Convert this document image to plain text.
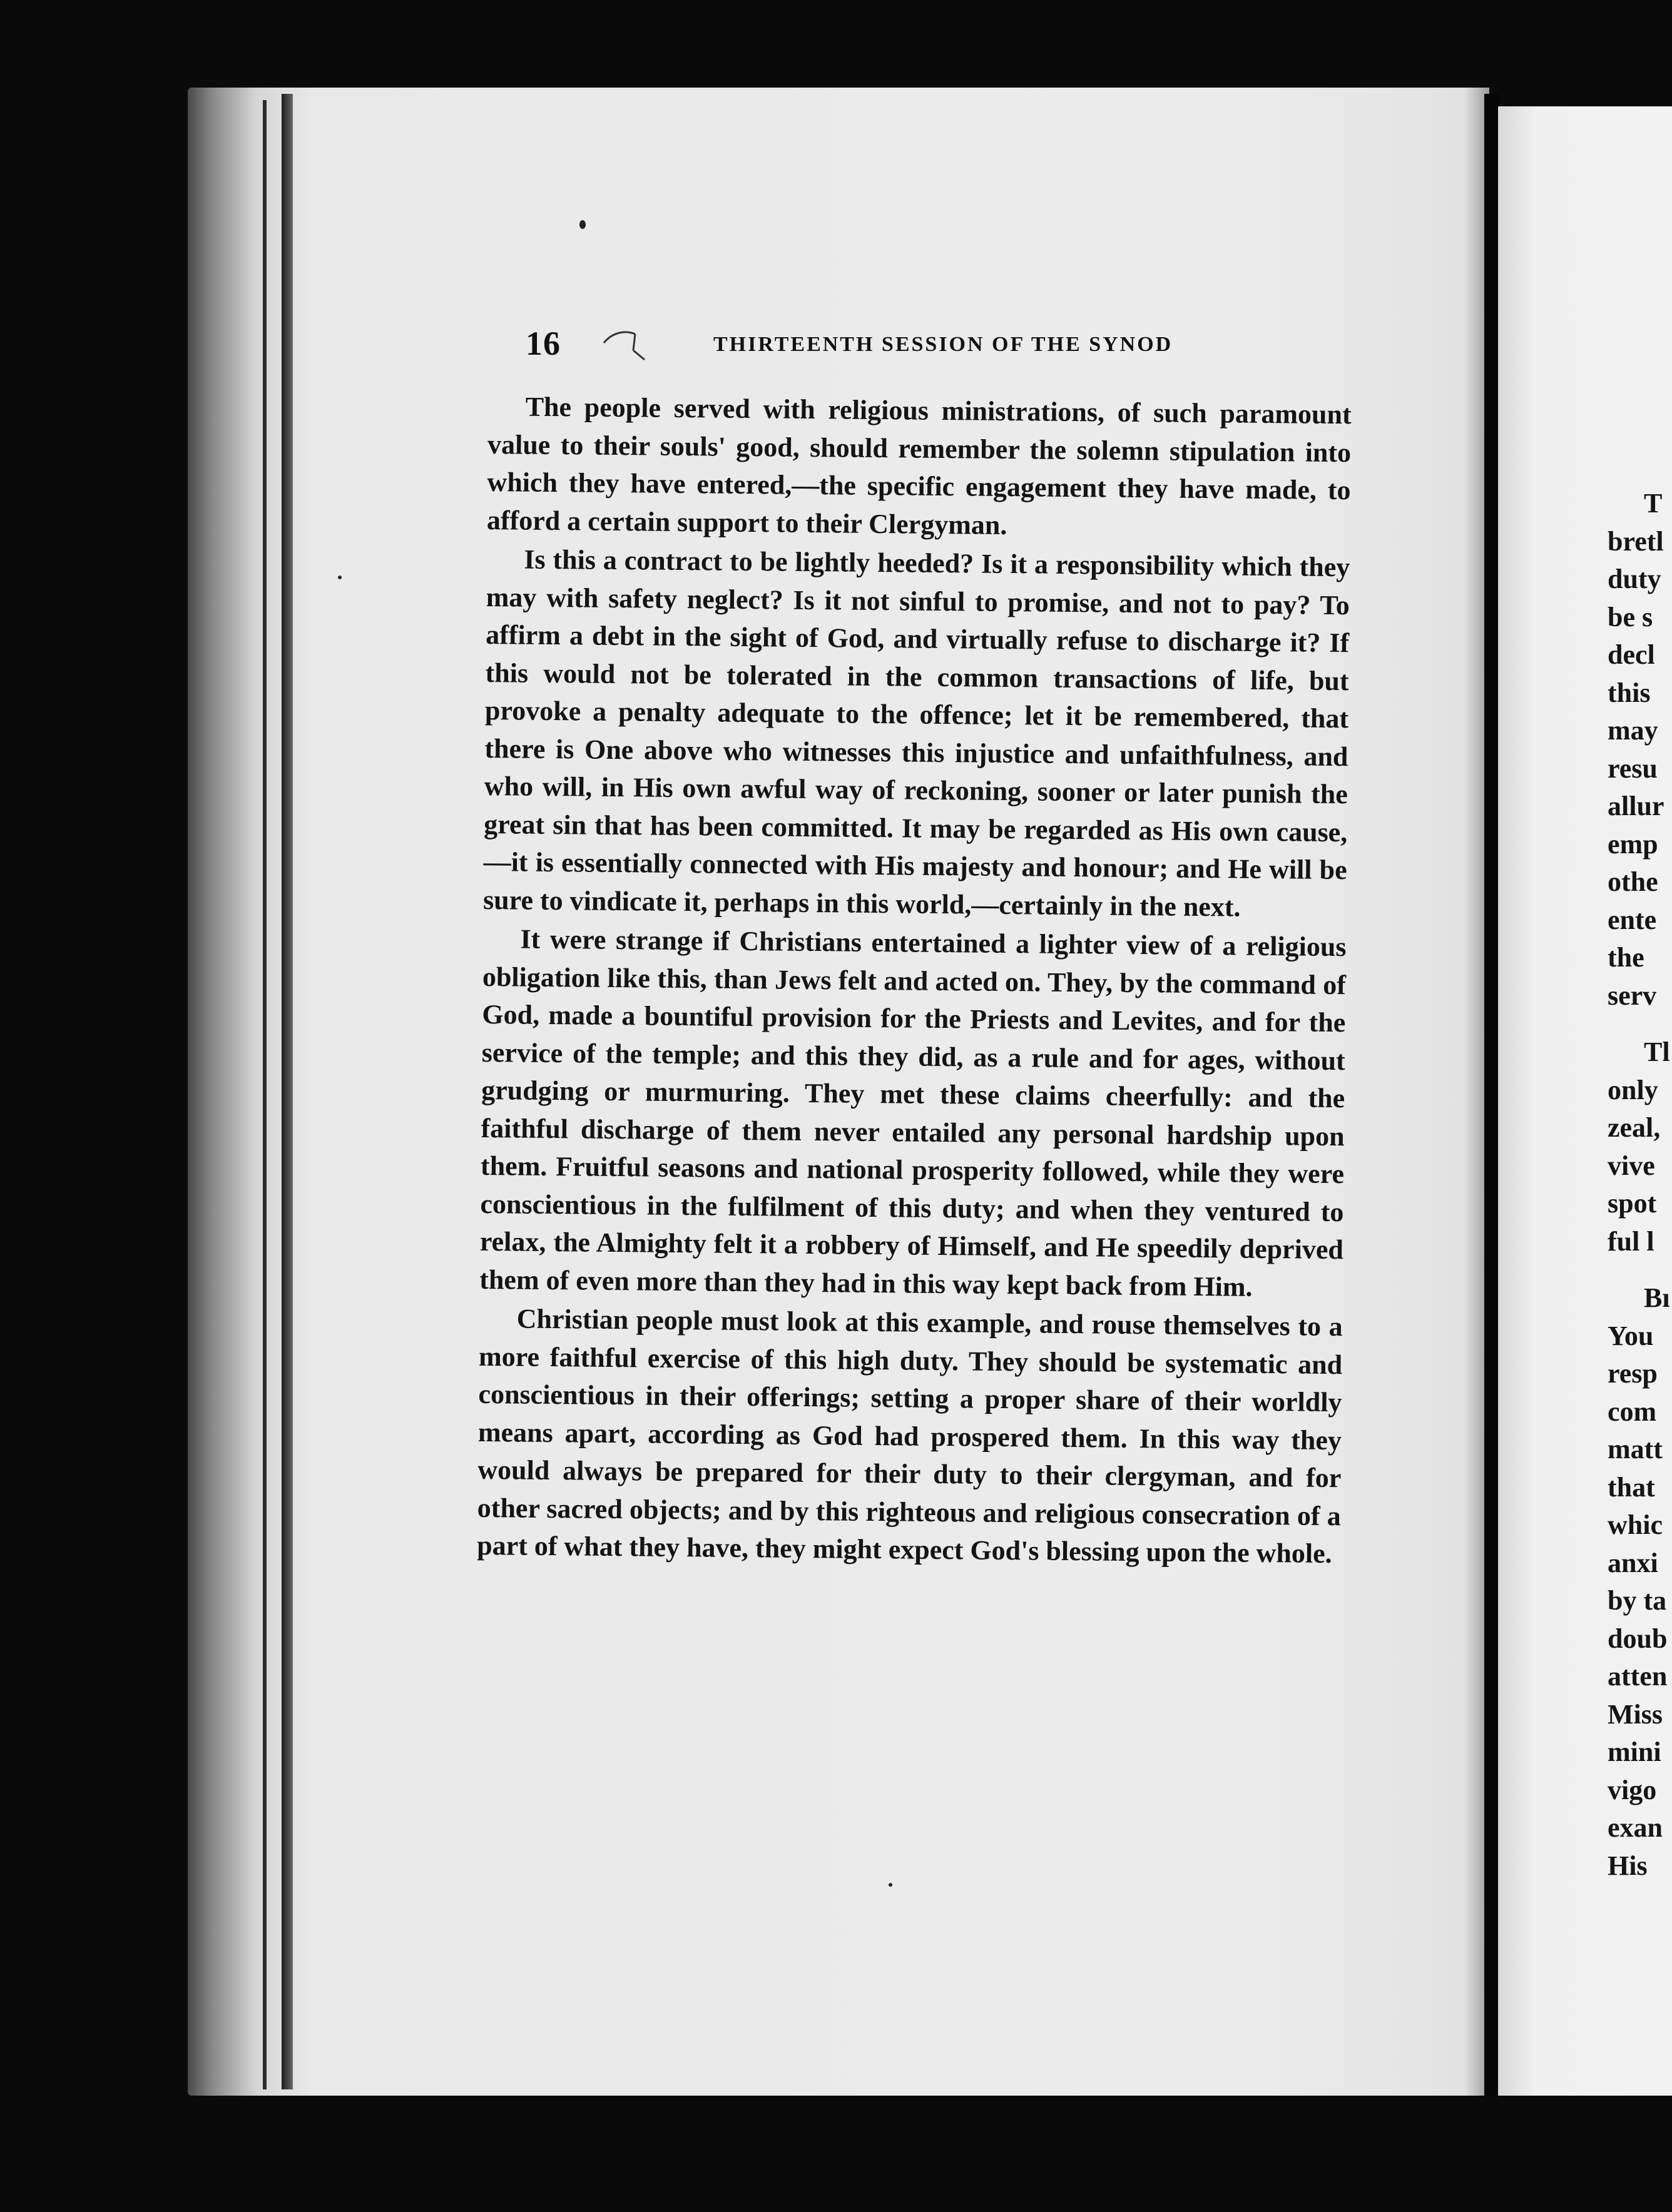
T
bretl
duty
be s
decl
this
may
resu
allur
emp
othe
ente
the
serv
Tl
only
zeal,
vive
spot
ful l
Bı
You
resp
com
matt
that
whic
anxi
by ta
doub
atten
Miss
mini
vigo
exan
His
16	THIRTEENTH SESSION OF THE SYNOD

The people served with religious ministrations, of such paramount value to their souls' good, should remember the solemn stipulation into which they have entered,—the specific engagement they have made, to afford a certain support to their Clergyman.

Is this a contract to be lightly heeded? Is it a responsibility which they may with safety neglect? Is it not sinful to promise, and not to pay? To affirm a debt in the sight of God, and virtually refuse to discharge it? If this would not be tolerated in the common transactions of life, but provoke a penalty adequate to the offence; let it be remembered, that there is One above who witnesses this injustice and unfaithfulness, and who will, in His own awful way of reckoning, sooner or later punish the great sin that has been committed. It may be regarded as His own cause,—it is essentially connected with His majesty and honour; and He will be sure to vindicate it, perhaps in this world,—certainly in the next.

It were strange if Christians entertained a lighter view of a religious obligation like this, than Jews felt and acted on. They, by the command of God, made a bountiful provision for the Priests and Levites, and for the service of the temple; and this they did, as a rule and for ages, without grudging or murmuring. They met these claims cheerfully: and the faithful discharge of them never entailed any personal hardship upon them. Fruitful seasons and national prosperity followed, while they were conscientious in the fulfilment of this duty; and when they ventured to relax, the Almighty felt it a robbery of Himself, and He speedily deprived them of even more than they had in this way kept back from Him.

Christian people must look at this example, and rouse themselves to a more faithful exercise of this high duty. They should be systematic and conscientious in their offerings; setting a proper share of their worldly means apart, according as God had prospered them. In this way they would always be prepared for their duty to their clergyman, and for other sacred objects; and by this righteous and religious consecration of a part of what they have, they might expect God's blessing upon the whole.
